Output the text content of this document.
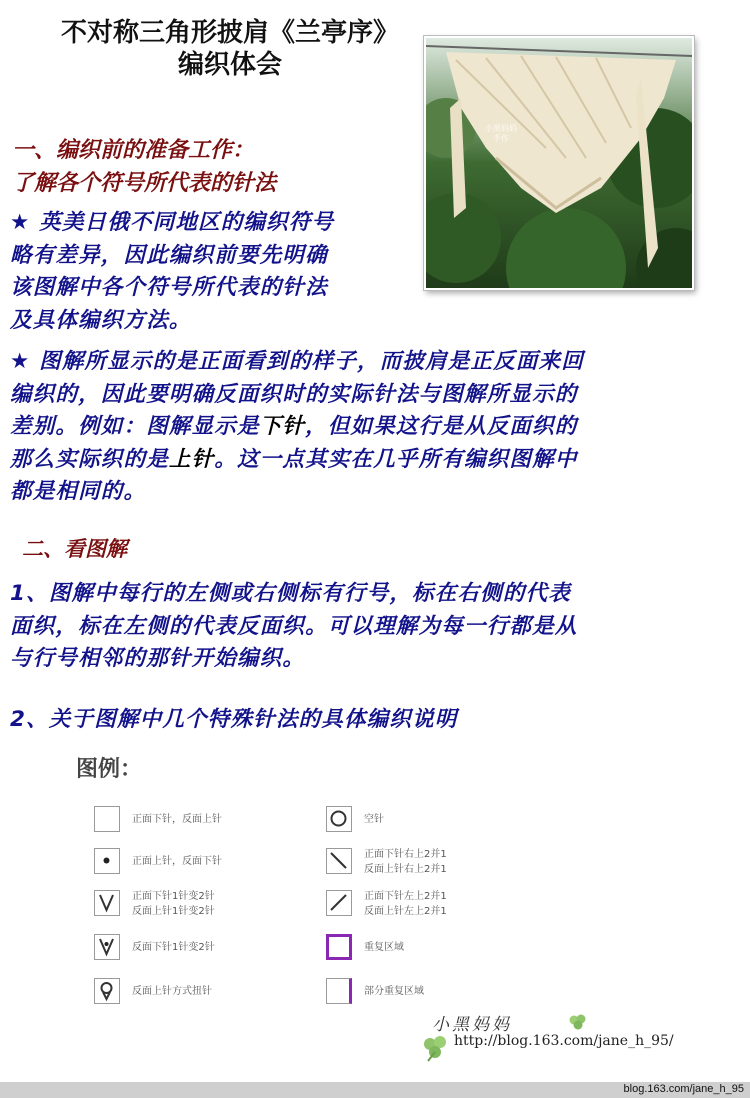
不对称三角形披肩《兰亭序》
编织体会
小黑妈妈
手作
一、编织前的准备工作：
了解各个符号所代表的针法
★ 英美日俄不同地区的编织符号
略有差异，因此编织前要先明确
该图解中各个符号所代表的针法
及具体编织方法。
★ 图解所显示的是正面看到的样子，而披肩是正反面来回
编织的，因此要明确反面织时的实际针法与图解所显示的
差别。例如：图解显示是下针，但如果这行是从反面织的
那么实际织的是上针。这一点其实在几乎所有编织图解中
都是相同的。
二、看图解
1、图解中每行的左侧或右侧标有行号，标在右侧的代表
面织，标在左侧的代表反面织。可以理解为每一行都是从
与行号相邻的那针开始编织。
2、关于图解中几个特殊针法的具体编织说明
图例：
正面下针，反面上针
正面上针，反面下针
正面下针1针变2针
反面上针1针变2针
反面下针1针变2针
反面上针方式扭针
空针
正面下针右上2并1
反面上针右上2并1
正面下针左上2并1
反面上针左上2并1
重复区域
部分重复区域
小黑妈妈
http://blog.163.com/jane_h_95/
blog.163.com/jane_h_95
